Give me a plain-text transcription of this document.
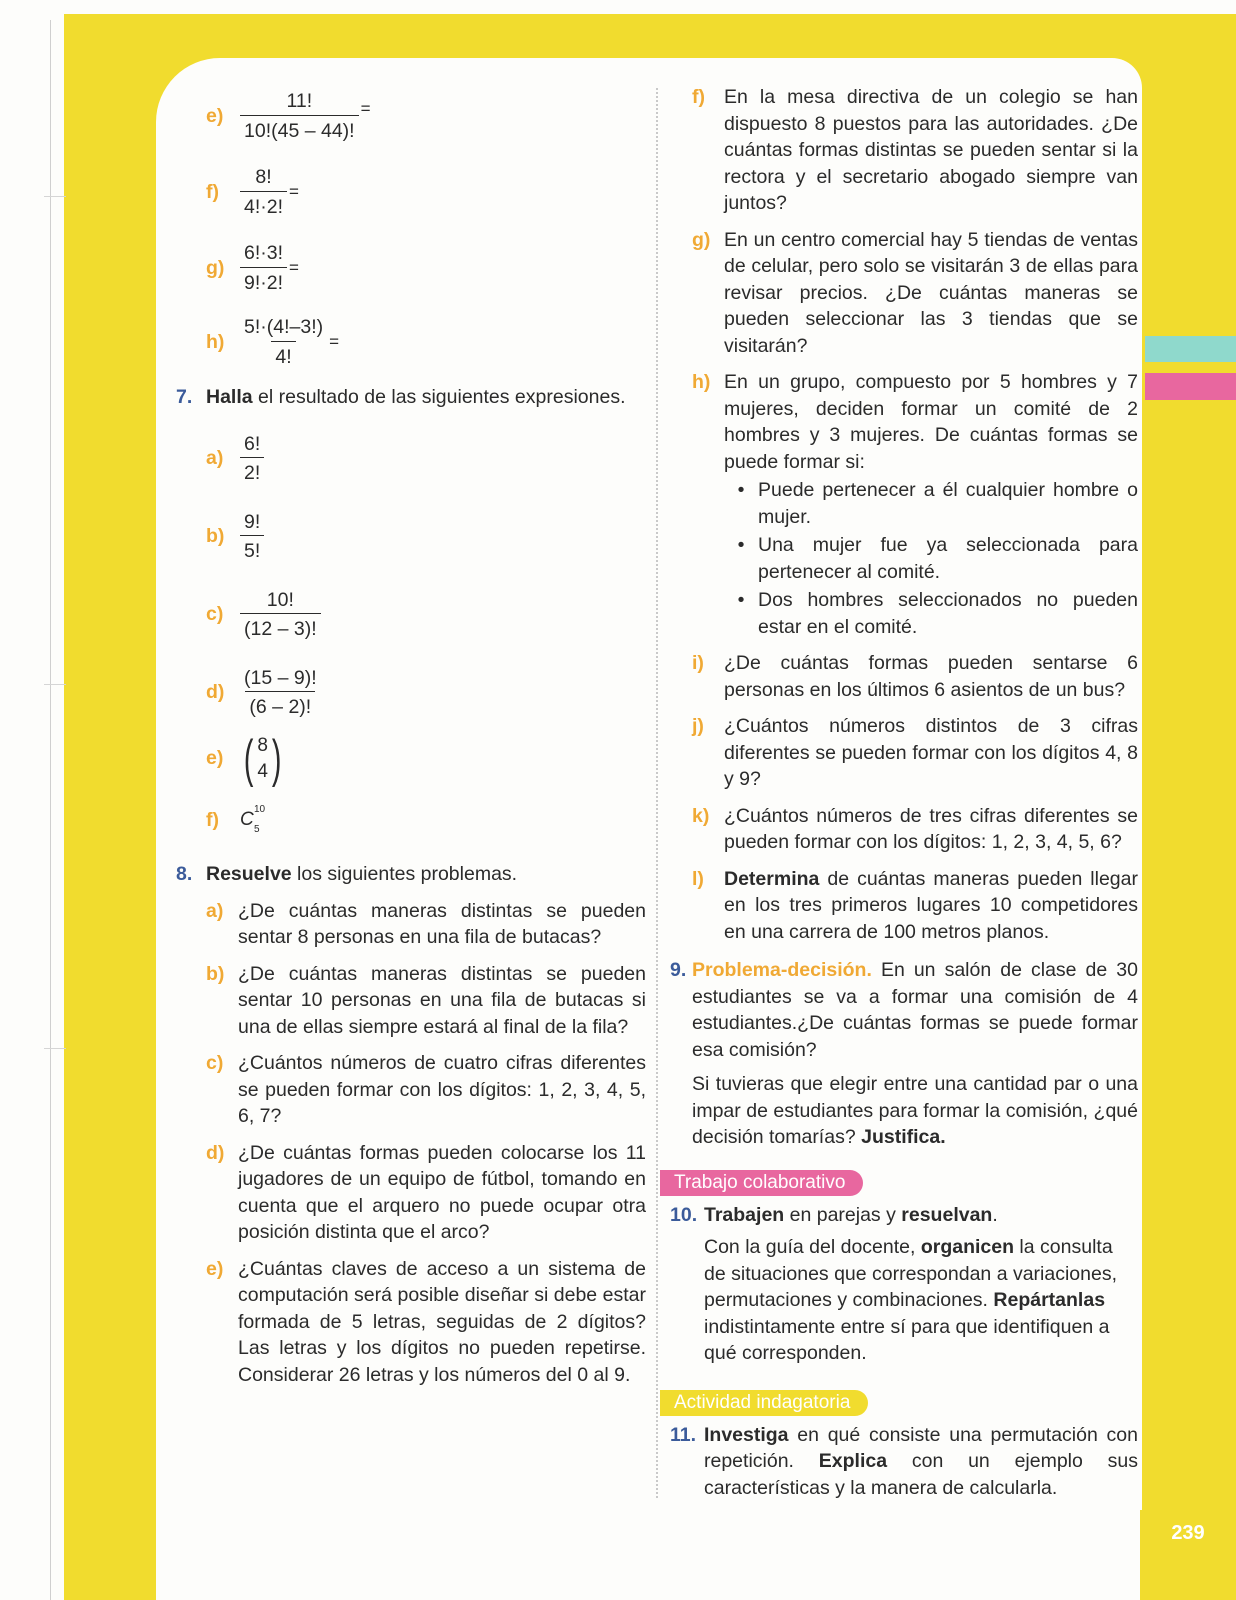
239
$e) \frac{11!}{10!(45 - 44)!}$ =
f)	$\frac{8!}{4!\cdot 2!}$ =
$g) \frac{6!\cdot 3!}{9!\cdot 2!}$ =
$h) \frac{5!\cdot(4!-3!)}{4!}$ =
7. Halla el resultado de las siguientes expresiones.
$a) \frac{6!}{2!}$
$b) \frac{9!}{5!}$
$c) \frac{10!}{(12 - 3)!}$
$d) \frac{(15 - 9)!}{(6 - 2)!}$
e) ( 8
4 )
f)	C 10
5
8. Resuelve los siguientes problemas.
a) ¿De cuántas maneras distintas se pueden sentar 8 personas en una fila de butacas?
b) ¿De cuántas maneras distintas se pueden sentar 10 personas en una fila de butacas si una de ellas siempre estará al final de la fila?
c) ¿Cuántos números de cuatro cifras diferentes se pueden formar con los dígitos: 1, 2, 3, 4, 5, 6, 7?
d) ¿De cuántas formas pueden colocarse los 11 jugadores de un equipo de fútbol, tomando en cuenta que el arquero no puede ocupar otra posición distinta que el arco?
e) ¿Cuántas claves de acceso a un sistema de computación será posible diseñar si debe estar formada de 5 letras, seguidas de 2 dígitos? Las letras y los dígitos no pueden repetirse. Considerar 26 letras y los números del 0 al 9.
f) En la mesa directiva de un colegio se han dispuesto 8 puestos para las autoridades. ¿De cuántas formas distintas se pueden sentar si la rectora y el secretario abogado siempre van juntos?
g) En un centro comercial hay 5 tiendas de ventas de celular, pero solo se visitarán 3 de ellas para revisar precios. ¿De cuántas maneras se pueden seleccionar las 3 tiendas que se visitarán?
h) En un grupo, compuesto por 5 hombres y 7 mujeres, deciden formar un comité de 2 hombres y 3 mujeres. De cuántas formas se puede formar si:
• Puede pertenecer a él cualquier hombre o mujer.
• Una mujer fue ya seleccionada para pertenecer al comité.
• Dos hombres seleccionados no pueden estar en el comité.
i)	¿De cuántas formas pueden sentarse 6 personas en los últimos 6 asientos de un bus?
j)	¿Cuántos números distintos de 3 cifras diferentes se pueden formar con los dígitos 4, 8 y 9?
k) ¿Cuántos números de tres cifras diferentes se pueden formar con los dígitos: 1, 2, 3, 4, 5, 6?
l)	Determina de cuántas maneras pueden llegar en los tres primeros lugares 10 competidores en una carrera de 100 metros planos.
9. Problema-decisión. En un salón de clase de 30 estudiantes se va a formar una comisión de 4 estudiantes.¿De cuántas formas se puede formar esa comisión?
Si tuvieras que elegir entre una cantidad par o una impar de estudiantes para formar la comisión, ¿qué decisión tomarías? Justifica.
Trabajo colaborativo
10. Trabajen en parejas y resuelvan.
Con la guía del docente, organicen la consulta de situaciones que correspondan a variaciones, permutaciones y combinaciones. Repártanlas indistintamente entre sí para que identifiquen a qué corresponden.
Actividad indagatoria
11. Investiga en qué consiste una permutación con repetición. Explica con un ejemplo sus características y la manera de calcularla.
